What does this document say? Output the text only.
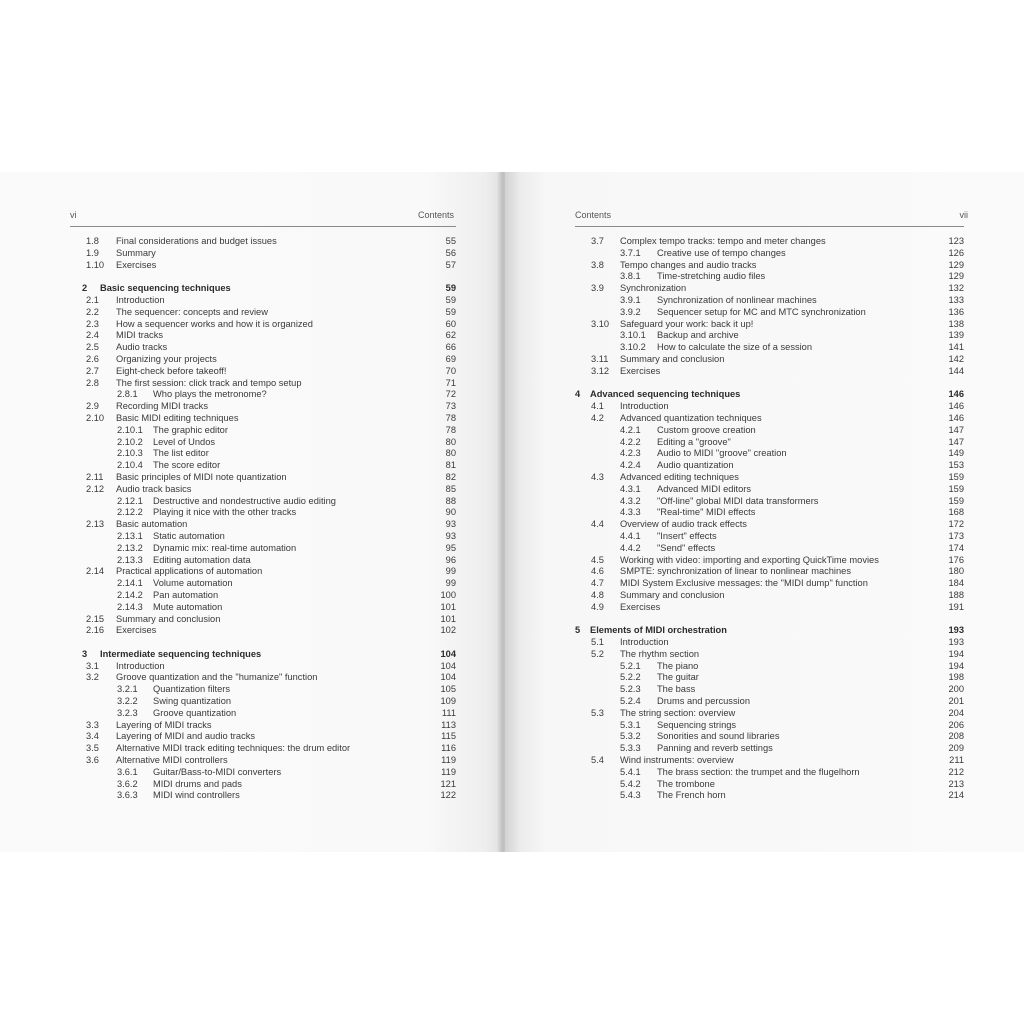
vi	Contents
1.8 Final considerations and budget issues	55
1.9 Summary	56
1.10 Exercises	57
2 Basic sequencing techniques	59
2.1 Introduction	59
2.2 The sequencer: concepts and review	59
2.3 How a sequencer works and how it is organized	60
2.4 MIDI tracks	62
2.5 Audio tracks	66
2.6 Organizing your projects	69
2.7 Eight-check before takeoff!	70
2.8 The first session: click track and tempo setup	71
2.8.1 Who plays the metronome?	72
2.9 Recording MIDI tracks	73
2.10 Basic MIDI editing techniques	78
2.10.1 The graphic editor	78
2.10.2 Level of Undos	80
2.10.3 The list editor	80
2.10.4 The score editor	81
2.11 Basic principles of MIDI note quantization	82
2.12 Audio track basics	85
2.12.1 Destructive and nondestructive audio editing	88
2.12.2 Playing it nice with the other tracks	90
2.13 Basic automation	93
2.13.1 Static automation	93
2.13.2 Dynamic mix: real-time automation	95
2.13.3 Editing automation data	96
2.14 Practical applications of automation	99
2.14.1 Volume automation	99
2.14.2 Pan automation	100
2.14.3 Mute automation	101
2.15 Summary and conclusion	101
2.16 Exercises	102
3 Intermediate sequencing techniques	104
3.1 Introduction	104
3.2 Groove quantization and the "humanize" function	104
3.2.1 Quantization filters	105
3.2.2 Swing quantization	109
3.2.3 Groove quantization	111
3.3 Layering of MIDI tracks	113
3.4 Layering of MIDI and audio tracks	115
3.5 Alternative MIDI track editing techniques: the drum editor	116
3.6 Alternative MIDI controllers	119
3.6.1 Guitar/Bass-to-MIDI converters	119
3.6.2 MIDI drums and pads	121
3.6.3 MIDI wind controllers	122
Contents	vii
3.7 Complex tempo tracks: tempo and meter changes	123
3.7.1 Creative use of tempo changes	126
3.8 Tempo changes and audio tracks	129
3.8.1 Time-stretching audio files	129
3.9 Synchronization	132
3.9.1 Synchronization of nonlinear machines	133
3.9.2 Sequencer setup for MC and MTC synchronization	136
3.10 Safeguard your work: back it up!	138
3.10.1 Backup and archive	139
3.10.2 How to calculate the size of a session	141
3.11 Summary and conclusion	142
3.12 Exercises	144
4 Advanced sequencing techniques	146
4.1 Introduction	146
4.2 Advanced quantization techniques	146
4.2.1 Custom groove creation	147
4.2.2 Editing a "groove"	147
4.2.3 Audio to MIDI "groove" creation	149
4.2.4 Audio quantization	153
4.3 Advanced editing techniques	159
4.3.1 Advanced MIDI editors	159
4.3.2 "Off-line" global MIDI data transformers	159
4.3.3 "Real-time" MIDI effects	168
4.4 Overview of audio track effects	172
4.4.1 "Insert" effects	173
4.4.2 "Send" effects	174
4.5 Working with video: importing and exporting QuickTime movies	176
4.6 SMPTE: synchronization of linear to nonlinear machines	180
4.7 MIDI System Exclusive messages: the "MIDI dump" function	184
4.8 Summary and conclusion	188
4.9 Exercises	191
5 Elements of MIDI orchestration	193
5.1 Introduction	193
5.2 The rhythm section	194
5.2.1 The piano	194
5.2.2 The guitar	198
5.2.3 The bass	200
5.2.4 Drums and percussion	201
5.3 The string section: overview	204
5.3.1 Sequencing strings	206
5.3.2 Sonorities and sound libraries	208
5.3.3 Panning and reverb settings	209
5.4 Wind instruments: overview	211
5.4.1 The brass section: the trumpet and the flugelhorn	212
5.4.2 The trombone	213
5.4.3 The French horn	214
